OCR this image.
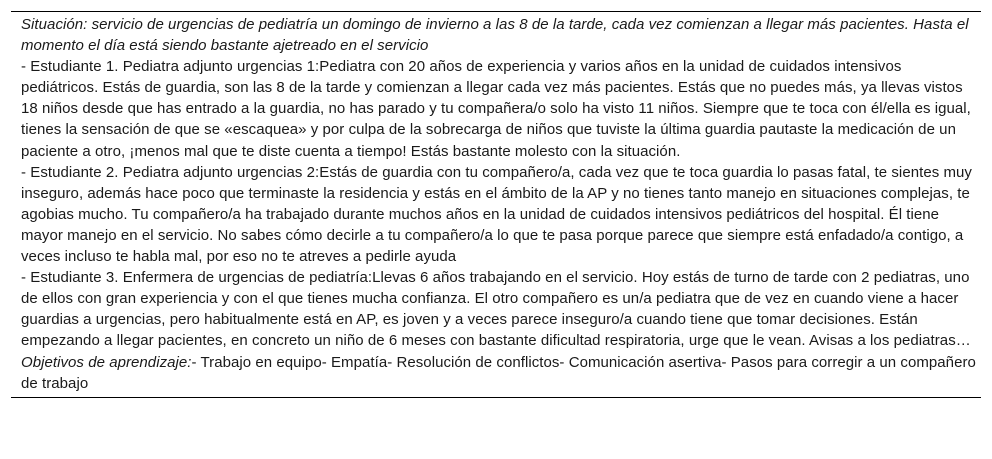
Situación: servicio de urgencias de pediatría un domingo de invierno a las 8 de la tarde, cada vez comienzan a llegar más pacientes. Hasta el momento el día está siendo bastante ajetreado en el servicio

- Estudiante 1. Pediatra adjunto urgencias 1:Pediatra con 20 años de experiencia y varios años en la unidad de cuidados intensivos pediátricos. Estás de guardia, son las 8 de la tarde y comienzan a llegar cada vez más pacientes. Estás que no puedes más, ya llevas vistos 18 niños desde que has entrado a la guardia, no has parado y tu compañera/o solo ha visto 11 niños. Siempre que te toca con él/ella es igual, tienes la sensación de que se «escaquea» y por culpa de la sobrecarga de niños que tuviste la última guardia pautaste la medicación de un paciente a otro, ¡menos mal que te diste cuenta a tiempo! Estás bastante molesto con la situación.

- Estudiante 2. Pediatra adjunto urgencias 2:Estás de guardia con tu compañero/a, cada vez que te toca guardia lo pasas fatal, te sientes muy inseguro, además hace poco que terminaste la residencia y estás en el ámbito de la AP y no tienes tanto manejo en situaciones complejas, te agobias mucho. Tu compañero/a ha trabajado durante muchos años en la unidad de cuidados intensivos pediátricos del hospital. Él tiene mayor manejo en el servicio. No sabes cómo decirle a tu compañero/a lo que te pasa porque parece que siempre está enfadado/a contigo, a veces incluso te habla mal, por eso no te atreves a pedirle ayuda

- Estudiante 3. Enfermera de urgencias de pediatría:Llevas 6 años trabajando en el servicio. Hoy estás de turno de tarde con 2 pediatras, uno de ellos con gran experiencia y con el que tienes mucha confianza. El otro compañero es un/a pediatra que de vez en cuando viene a hacer guardias a urgencias, pero habitualmente está en AP, es joven y a veces parece inseguro/a cuando tiene que tomar decisiones. Están empezando a llegar pacientes, en concreto un niño de 6 meses con bastante dificultad respiratoria, urge que le vean. Avisas a los pediatras…

Objetivos de aprendizaje:- Trabajo en equipo- Empatía- Resolución de conflictos- Comunicación asertiva- Pasos para corregir a un compañero de trabajo
